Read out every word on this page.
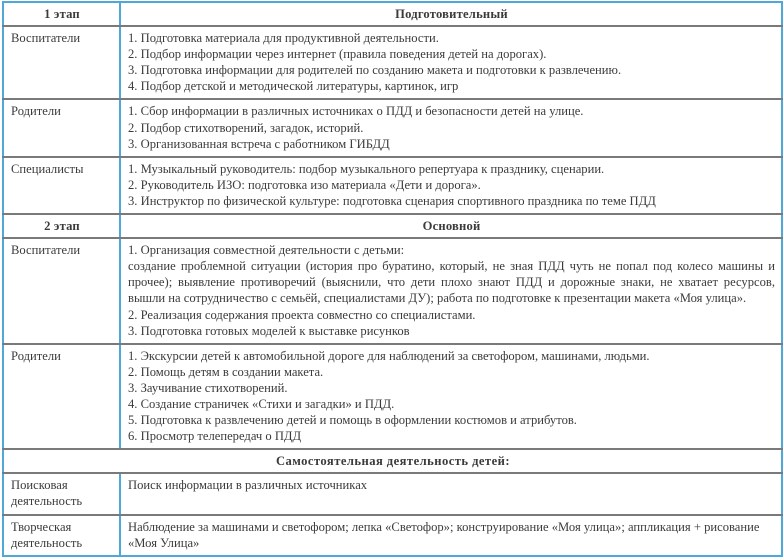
1 этап	Подготовительный
Воспитатели	1. Подготовка материала для продуктивной деятельности.

2. Подбор информации через интернет (правила поведения детей на дорогах).

3. Подготовка информации для родителей по созданию макета и подготовки к развлечению.

4. Подбор детской и методической литературы, картинок, игр

Родители	1. Сбор информации в различных источниках о ПДД и безопасности детей на улице.

2. Подбор стихотворений, загадок, историй.

3. Организованная встреча с работником ГИБДД

Специалисты	1. Музыкальный руководитель: подбор музыкального репертуара к празднику, сценарии.

2. Руководитель ИЗО: подготовка изо материала «Дети и дорога».

3. Инструктор по физической культуре: подготовка сценария спортивного праздника по теме ПДД

2 этап	Основной
Воспитатели	1. Организация совместной деятельности с детьми:

создание проблемной ситуации (история про буратино, который, не зная ПДД чуть не попал под колесо машины и прочее); выявление противоречий (выяснили, что дети плохо знают ПДД и дорожные знаки, не хватает ресурсов, вышли на сотрудничество с семьёй, специалистами ДУ); работа по подготовке к презентации макета «Моя улица».

2. Реализация содержания проекта совместно со специалистами.

3. Подготовка готовых моделей к выставке рисунков

Родители	1. Экскурсии детей к автомобильной дороге для наблюдений за светофором, машинами, людьми.

2. Помощь детям в создании макета.

3. Заучивание стихотворений.

4. Создание страничек «Стихи и загадки» и ПДД.

5. Подготовка к развлечению детей и помощь в оформлении костюмов и атрибутов.

6. Просмотр телепередач о ПДД

Самостоятельная деятельность детей:	
Поисковая деятельность	Поиск информации в различных источниках

Творческая деятельность	Наблюдение за машинами и светофором; лепка «Светофор»; конструирование «Моя улица»; аппликация + рисование «Моя Улица»
